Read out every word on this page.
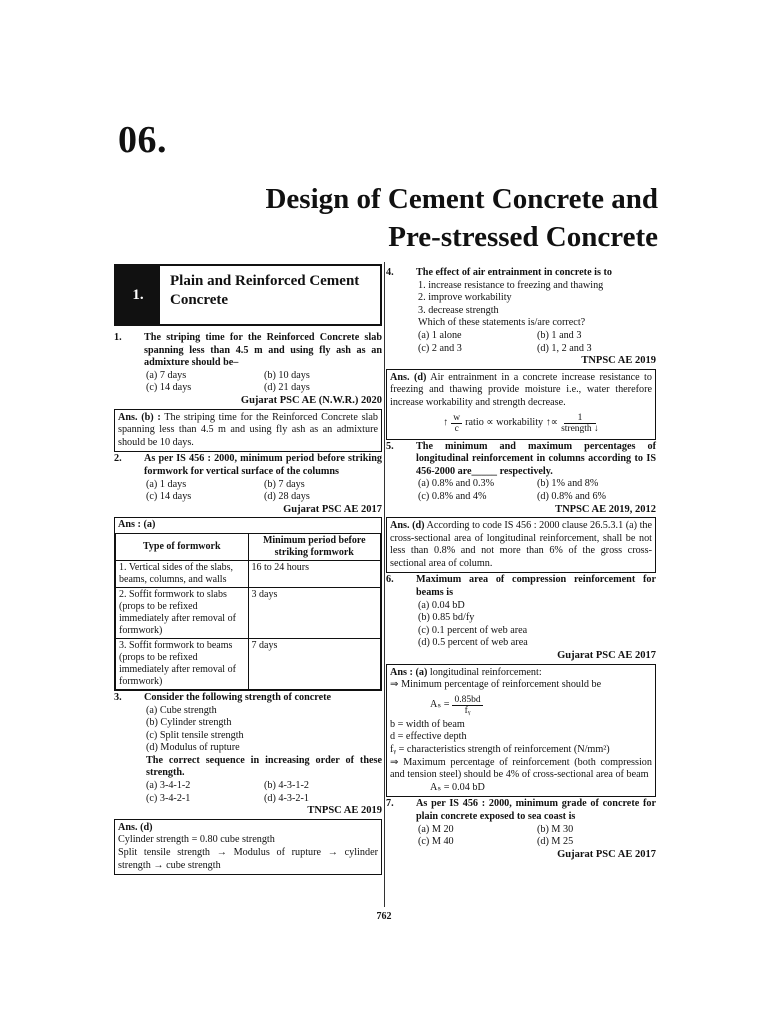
06.
Design of Cement Concrete and
Pre-stressed Concrete
1.
Plain and Reinforced Cement Concrete
1.	The striping time for the Reinforced Concrete slab spanning less than 4.5 m and using fly ash as an admixture should be–
(a) 7 days	(b) 10 days
(c) 14 days	(d) 21 days
Gujarat PSC AE (N.W.R.) 2020
Ans. (b) : The striping time for the Reinforced Concrete slab spanning less than 4.5 m and using fly ash as an admixture should be 10 days.
2.	As per IS 456 : 2000, minimum period before striking formwork for vertical surface of the columns
(a) 1 days	(b) 7 days
(c) 14 days	(d) 28 days
Gujarat PSC AE 2017
Ans : (a)
Type of formwork	Minimum period before striking formwork
1. Vertical sides of the slabs, beams, columns, and walls	16 to 24 hours
2. Soffit formwork to slabs (props to be refixed immediately after removal of formwork)	3 days
3. Soffit formwork to beams (props to be refixed immediately after removal of formwork)	7 days
3.	Consider the following strength of concrete
(a) Cube strength
(b) Cylinder strength
(c) Split tensile strength
(d) Modulus of rupture
The correct sequence in increasing order of these strength.
(a) 3-4-1-2	(b) 4-3-1-2
(c) 3-4-2-1	(d) 4-3-2-1
TNPSC AE 2019
Ans. (d)
Cylinder strength = 0.80 cube strength
Split tensile strength → Modulus of rupture → cylinder strength → cube strength
4.	The effect of air entrainment in concrete is to
1. increase resistance to freezing and thawing
2. improve workability
3. decrease strength
Which of these statements is/are correct?
(a) 1 alone	(b) 1 and 3
(c) 2 and 3	(d) 1, 2 and 3
TNPSC AE 2019
Ans. (d) Air entrainment in a concrete increase resistance to freezing and thawing provide moisture i.e., water therefore increase workability and strength decrease.
↑ $\frac{w}{c}$ ratio ∝ workability ↑∝ $\frac{1}{\text{strength ↓}}$
5.	The minimum and maximum percentages of longitudinal reinforcement in columns according to IS 456-2000 are_____ respectively.
(a) 0.8% and 0.3%	(b) 1% and 8%
(c) 0.8% and 4%	(d) 0.8% and 6%
TNPSC AE 2019, 2012
Ans. (d) According to code IS 456 : 2000 clause 26.5.3.1 (a) the cross-sectional area of longitudinal reinforcement, shall be not less than 0.8% and not more than 6% of the gross cross-sectional area of column.
6.	Maximum area of compression reinforcement for beams is
(a) 0.04 bD
(b) 0.85 bd/fy
(c) 0.1 percent of web area
(d) 0.5 percent of web area
Gujarat PSC AE 2017
Ans : (a) longitudinal reinforcement:
⇒ Minimum percentage of reinforcement should be
$A_s = \frac{0.85bd}{\text{fᵧ}}$
b = width of beam
d = effective depth
fᵧ = characteristics strength of reinforcement (N/mm²)
⇒ Maximum percentage of reinforcement (both compression and tension steel) should be 4% of cross-sectional area of beam
Aₛ = 0.04 bD
7.	As per IS 456 : 2000, minimum grade of concrete for plain concrete exposed to sea coast is
(a) M 20	(b) M 30
(c) M 40	(d) M 25
Gujarat PSC AE 2017
762
